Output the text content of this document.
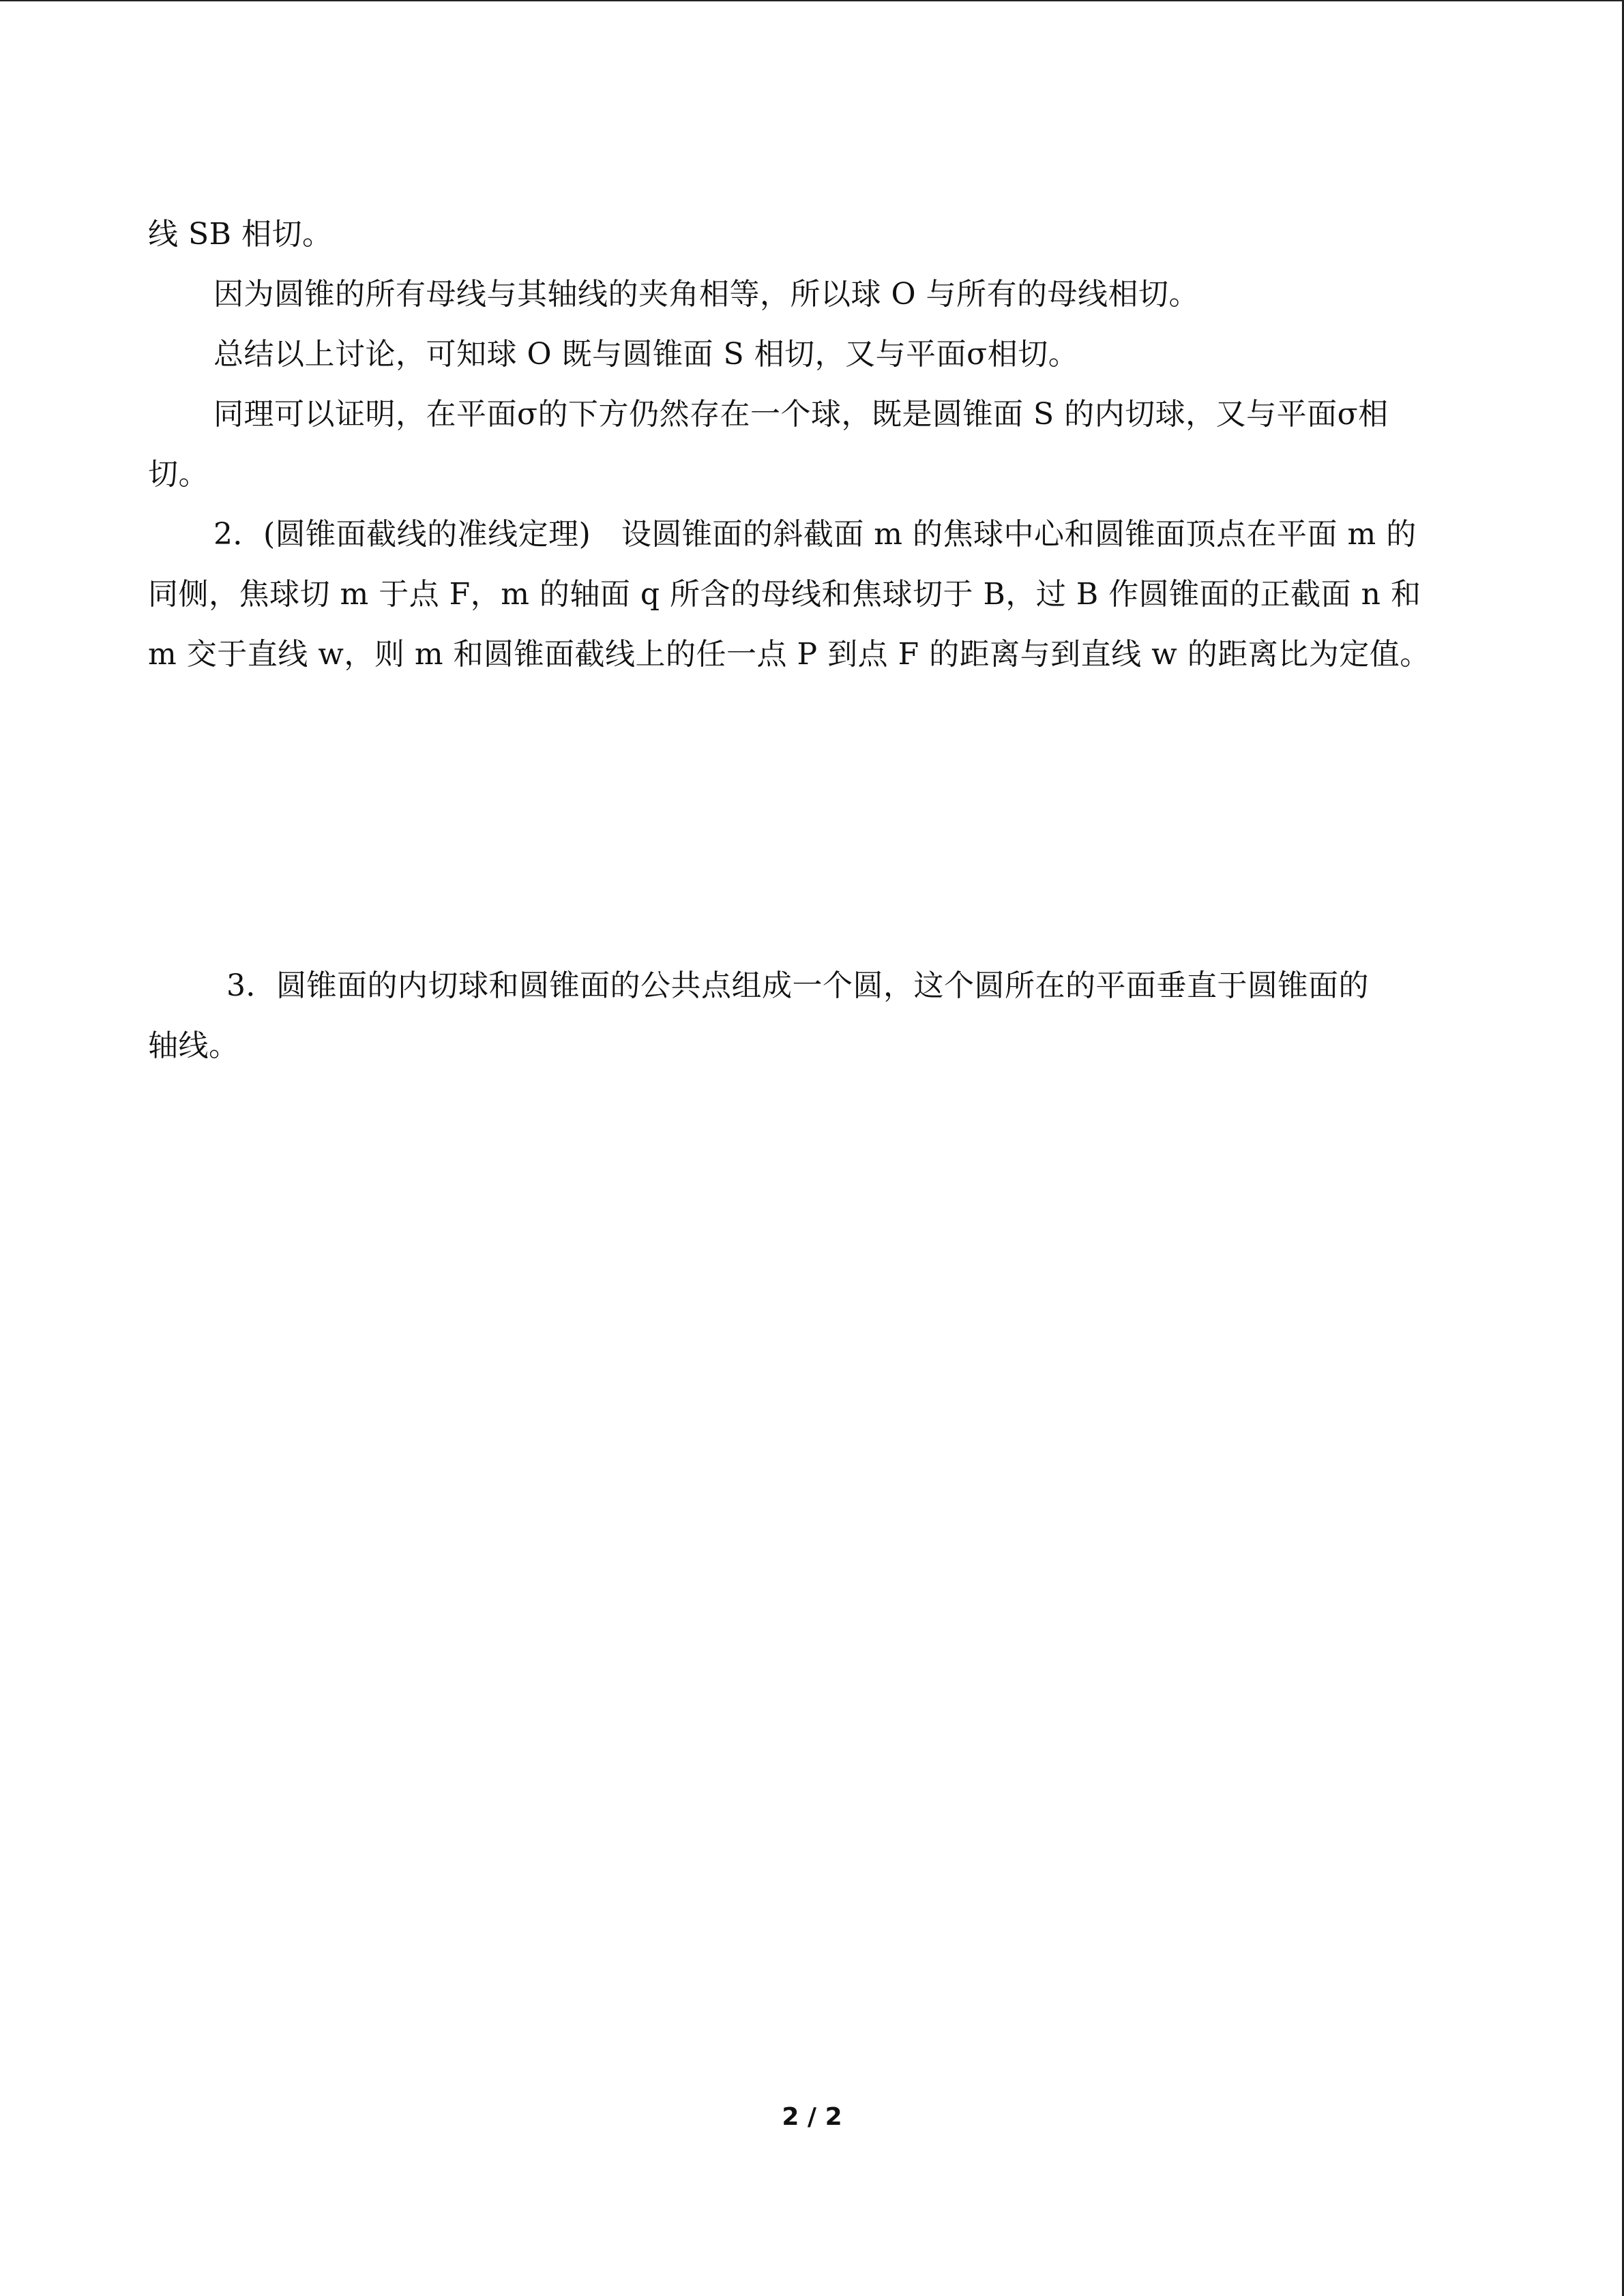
线 SB 相切。
因为圆锥的所有母线与其轴线的夹角相等，所以球 O 与所有的母线相切。
总结以上讨论，可知球 O 既与圆锥面 S 相切，又与平面σ相切。
同理可以证明，在平面σ的下方仍然存在一个球，既是圆锥面 S 的内切球，又与平面σ相
切。
2．(圆锥面截线的准线定理)　设圆锥面的斜截面 m 的焦球中心和圆锥面顶点在平面 m 的
同侧，焦球切 m 于点 F，m 的轴面 q 所含的母线和焦球切于 B，过 B 作圆锥面的正截面 n 和
m 交于直线 w，则 m 和圆锥面截线上的任一点 P 到点 F 的距离与到直线 w 的距离比为定值。
3．圆锥面的内切球和圆锥面的公共点组成一个圆，这个圆所在的平面垂直于圆锥面的
轴线。
2 / 2
